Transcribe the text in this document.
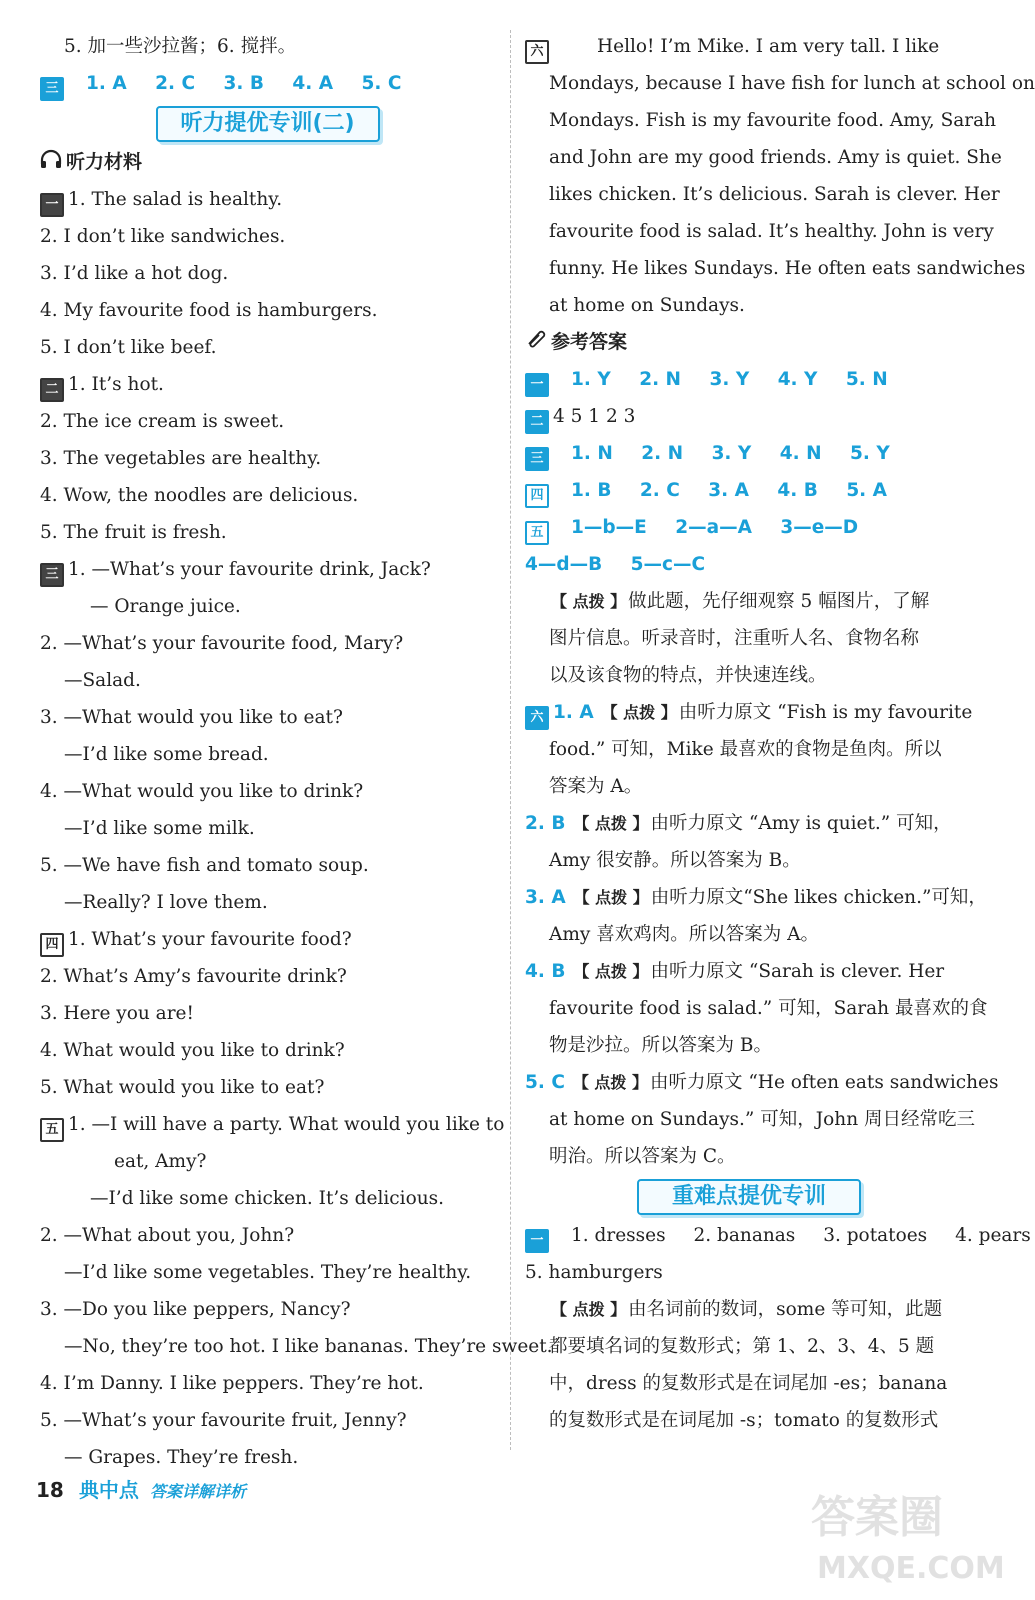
5. 加一些沙拉酱；6. 搅拌。
三 1. A 2. C 3. B 4. A 5. C
听力提优专训(二)
听力材料
一 1. The salad is healthy.
2. I don’t like sandwiches.
3. I’d like a hot dog.
4. My favourite food is hamburgers.
5. I don’t like beef.
二 1. It’s hot.
2. The ice cream is sweet.
3. The vegetables are healthy.
4. Wow, the noodles are delicious.
5. The fruit is fresh.
三 1. —What’s your favourite drink, Jack?
— Orange juice.
2. —What’s your favourite food, Mary?
—Salad.
3. —What would you like to eat?
—I’d like some bread.
4. —What would you like to drink?
—I’d like some milk.
5. —We have fish and tomato soup.
—Really? I love them.
四 1. What’s your favourite food?
2. What’s Amy’s favourite drink?
3. Here you are!
4. What would you like to drink?
5. What would you like to eat?
五 1. —I will have a party. What would you like to
eat, Amy?
—I’d like some chicken. It’s delicious.
2. —What about you, John?
—I’d like some vegetables. They’re healthy.
3. —Do you like peppers, Nancy?
—No, they’re too hot. I like bananas. They’re sweet.
4. I’m Danny. I like peppers. They’re hot.
5. —What’s your favourite fruit, Jenny?
— Grapes. They’re fresh.
六	Hello! I’m Mike. I am very tall. I like
Mondays, because I have fish for lunch at school on
Mondays. Fish is my favourite food. Amy, Sarah
and John are my good friends. Amy is quiet. She
likes chicken. It’s delicious. Sarah is clever. Her
favourite food is salad. It’s healthy. John is very
funny. He likes Sundays. He often eats sandwiches
at home on Sundays.
参考答案
一 1. Y 2. N 3. Y 4. Y 5. N
二 4 5 1 2 3
三 1. N 2. N 3. Y 4. N 5. Y
四 1. B 2. C 3. A 4. B 5. A
五 1—b—E 2—a—A 3—e—D
4—d—B 5—c—C
【 点拨 】 做此题，先仔细观察 5 幅图片，了解
图片信息。听录音时，注重听人名、食物名称
以及该食物的特点，并快速连线。
六 1. A 【 点拨 】 由听力原文 “Fish is my favourite
food.” 可知，Mike 最喜欢的食物是鱼肉。所以
答案为 A。
2. B 【 点拨 】 由听力原文 “Amy is quiet.” 可知，
Amy 很安静。所以答案为 B。
3. A 【 点拨 】 由听力原文“She likes chicken.”可知，
Amy 喜欢鸡肉。所以答案为 A。
4. B 【 点拨 】 由听力原文 “Sarah is clever. Her
favourite food is salad.” 可知，Sarah 最喜欢的食
物是沙拉。所以答案为 B。
5. C 【 点拨 】 由听力原文 “He often eats sandwiches
at home on Sundays.” 可知，John 周日经常吃三
明治。所以答案为 C。
重难点提优专训
一 1. dresses 2. bananas 3. potatoes 4. pears
5. hamburgers
【 点拨 】 由名词前的数词，some 等可知，此题
都要填名词的复数形式；第 1、2、3、4、5 题
中，dress 的复数形式是在词尾加 -es；banana
的复数形式是在词尾加 -s；tomato 的复数形式
18 典中点 答案详解详析
答案圈
MXQE.COM
